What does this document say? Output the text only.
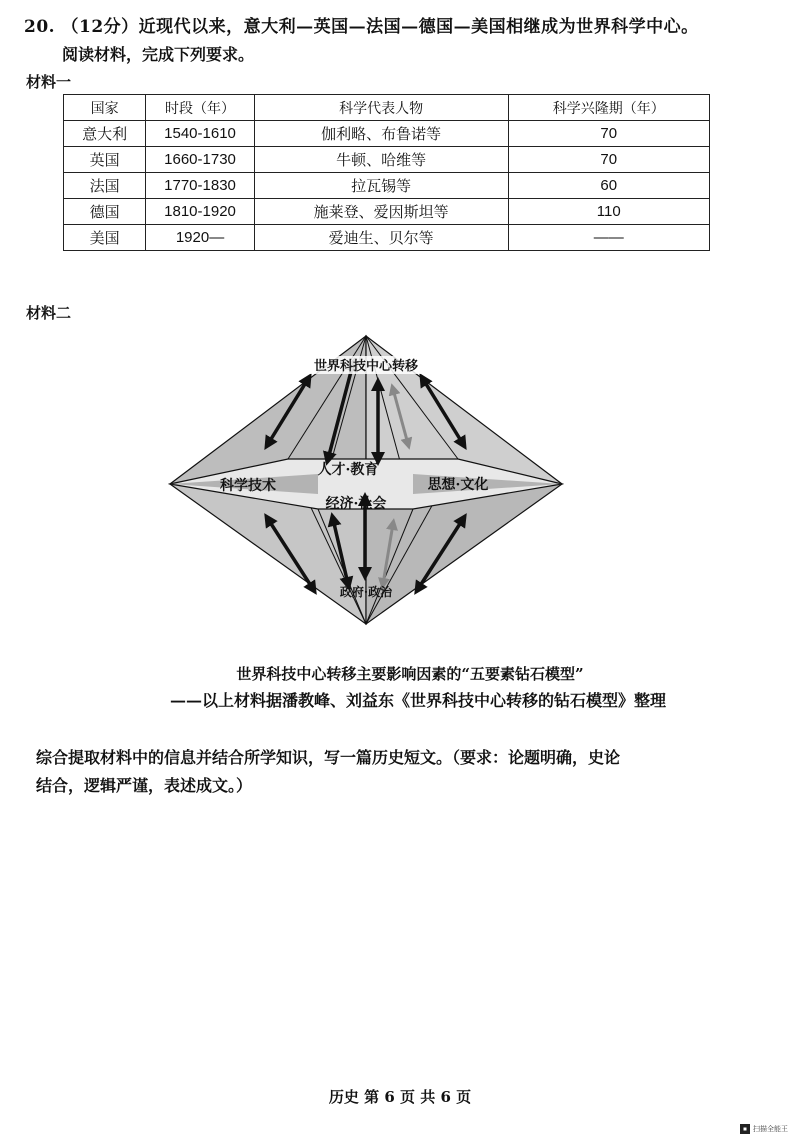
20. （12分）近现代以来，意大利—英国—法国—德国—美国相继成为世界科学中心。
阅读材料，完成下列要求。
材料一
国家	时段（年）	科学代表人物	科学兴隆期（年）
意大利	1540-1610	伽利略、布鲁诺等	70
英国	1660-1730	牛顿、哈维等	70
法国	1770-1830	拉瓦锡等	60
德国	1810-1920	施莱登、爱因斯坦等	110
美国	1920—	爱迪生、贝尔等	——
材料二
世界科技中心转移
科学技术
人才·教育
思想·文化
经济·社会
政府·政治
世界科技中心转移主要影响因素的“五要素钻石模型”
——以上材料据潘教峰、刘益东《世界科技中心转移的钻石模型》整理
综合提取材料中的信息并结合所学知识，写一篇历史短文。（要求：论题明确，史论
结合，逻辑严谨，表述成文。）
历史 第 6 页 共 6 页
扫描全能王
